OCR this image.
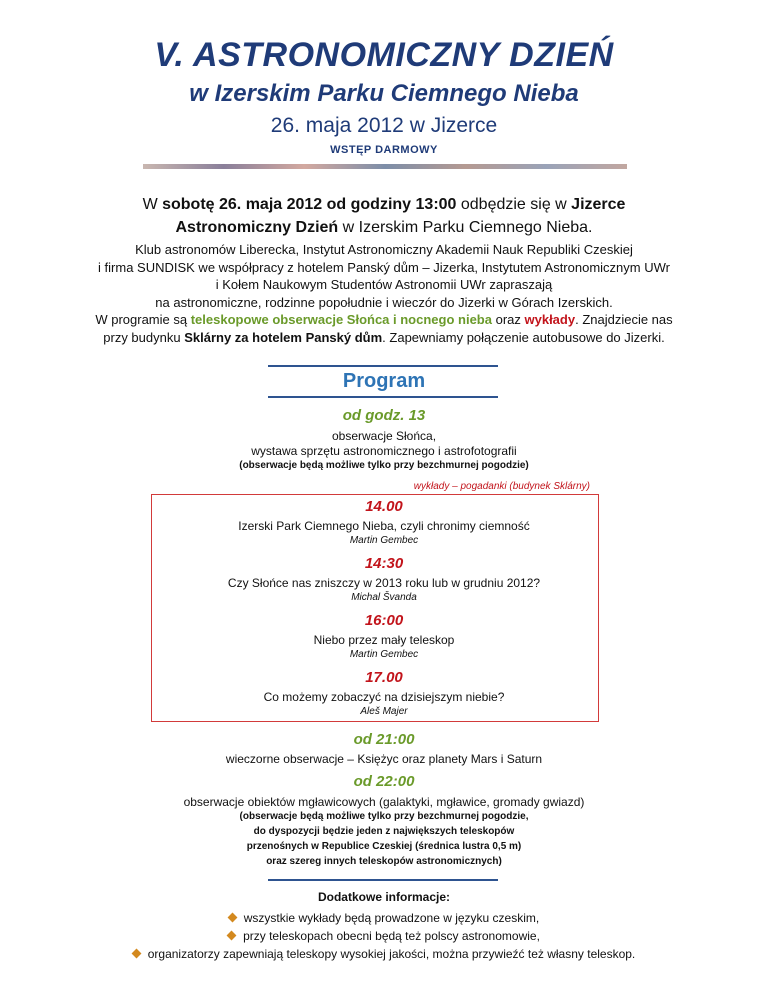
V. ASTRONOMICZNY DZIEŃ
w Izerskim Parku Ciemnego Nieba
26. maja 2012 w Jizerce
WSTĘP DARMOWY
W sobotę 26. maja 2012 od godziny 13:00 odbędzie się w Jizerce
Astronomiczny Dzień w Izerskim Parku Ciemnego Nieba.
Klub astronomów Liberecka, Instytut Astronomiczny Akademii Nauk Republiki Czeskiej
i firma SUNDISK we współpracy z hotelem Panský dům – Jizerka, Instytutem Astronomicznym UWr
i Kołem Naukowym Studentów Astronomii UWr zapraszają
na astronomiczne, rodzinne popołudnie i wieczór do Jizerki w Górach Izerskich.
W programie są teleskopowe obserwacje Słońca i nocnego nieba oraz wykłady. Znajdziecie nas
przy budynku Sklárny za hotelem Panský dům. Zapewniamy połączenie autobusowe do Jizerki.
Program
od godz. 13
obserwacje Słońca,
wystawa sprzętu astronomicznego i astrofotografii
(obserwacje będą możliwe tylko przy bezchmurnej pogodzie)
wykłady – pogadanki (budynek Sklárny)
14.00
Izerski Park Ciemnego Nieba, czyli chronimy ciemność
Martin Gembec
14:30
Czy Słońce nas zniszczy w 2013 roku lub w grudniu 2012?
Michal Švanda
16:00
Niebo przez mały teleskop
Martin Gembec
17.00
Co możemy zobaczyć na dzisiejszym niebie?
Aleš Majer
od 21:00
wieczorne obserwacje – Księżyc oraz planety Mars i Saturn
od 22:00
obserwacje obiektów mgławicowych (galaktyki, mgławice, gromady gwiazd)
(obserwacje będą możliwe tylko przy bezchmurnej pogodzie,
do dyspozycji będzie jeden z największych teleskopów
przenośnych w Republice Czeskiej (średnica lustra 0,5 m)
oraz szereg innych teleskopów astronomicznych)
Dodatkowe informacje:
wszystkie wykłady będą prowadzone w języku czeskim,
przy teleskopach obecni będą też polscy astronomowie,
organizatorzy zapewniają teleskopy wysokiej jakości, można przywieźć też własny teleskop.
